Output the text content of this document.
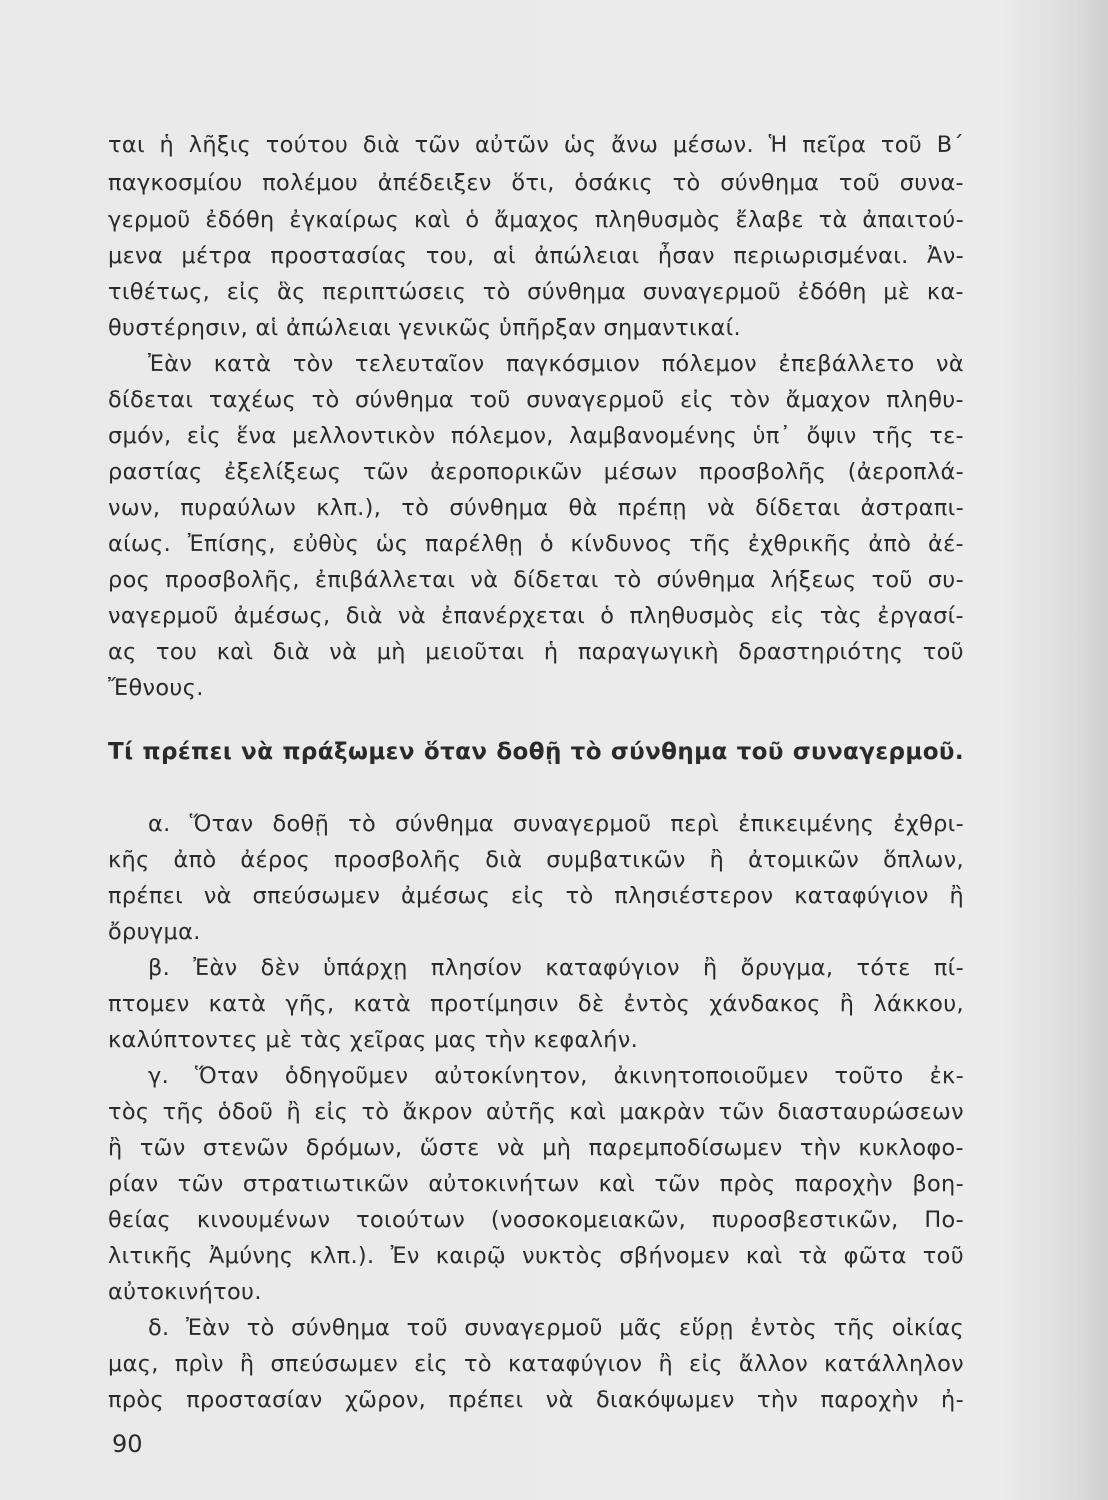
ται ἡ λῆξις τούτου διὰ τῶν αὐτῶν ὡς ἄνω μέσων. Ἡ πεῖρα τοῦ Β΄
παγκοσμίου πολέμου ἀπέδειξεν ὅτι, ὁσάκις τὸ σύνθημα τοῦ συνα-
γερμοῦ ἐδόθη ἐγκαίρως καὶ ὁ ἄμαχος πληθυσμὸς ἔλαβε τὰ ἀπαιτού-
μενα μέτρα προστασίας του, αἱ ἀπώλειαι ἦσαν περιωρισμέναι. Ἀν-
τιθέτως, εἰς ἃς περιπτώσεις τὸ σύνθημα συναγερμοῦ ἐδόθη μὲ κα-
θυστέρησιν, αἱ ἀπώλειαι γενικῶς ὑπῆρξαν σημαντικαί.
Ἐὰν κατὰ τὸν τελευταῖον παγκόσμιον πόλεμον ἐπεβάλλετο νὰ
δίδεται ταχέως τὸ σύνθημα τοῦ συναγερμοῦ εἰς τὸν ἄμαχον πληθυ-
σμόν, εἰς ἕνα μελλοντικὸν πόλεμον, λαμβανομένης ὑπ᾿ ὄψιν τῆς τε-
ραστίας ἐξελίξεως τῶν ἀεροπορικῶν μέσων προσβολῆς (ἀεροπλά-
νων, πυραύλων κλπ.), τὸ σύνθημα θὰ πρέπῃ νὰ δίδεται ἀστραπι-
αίως. Ἐπίσης, εὐθὺς ὡς παρέλθῃ ὁ κίνδυνος τῆς ἐχθρικῆς ἀπὸ ἀέ-
ρος προσβολῆς, ἐπιβάλλεται νὰ δίδεται τὸ σύνθημα λήξεως τοῦ συ-
ναγερμοῦ ἀμέσως, διὰ νὰ ἐπανέρχεται ὁ πληθυσμὸς εἰς τὰς ἐργασί-
ας του καὶ διὰ νὰ μὴ μειοῦται ἡ παραγωγικὴ δραστηριότης τοῦ
Ἔθνους.
Τί πρέπει νὰ πράξωμεν ὅταν δοθῇ τὸ σύνθημα τοῦ συναγερμοῦ.
α. Ὅταν δοθῇ τὸ σύνθημα συναγερμοῦ περὶ ἐπικειμένης ἐχθρι-
κῆς ἀπὸ ἀέρος προσβολῆς διὰ συμβατικῶν ἢ ἀτομικῶν ὅπλων,
πρέπει νὰ σπεύσωμεν ἀμέσως εἰς τὸ πλησιέστερον καταφύγιον ἢ
ὄρυγμα.
β. Ἐὰν δὲν ὑπάρχῃ πλησίον καταφύγιον ἢ ὄρυγμα, τότε πί-
πτομεν κατὰ γῆς, κατὰ προτίμησιν δὲ ἐντὸς χάνδακος ἢ λάκκου,
καλύπτοντες μὲ τὰς χεῖρας μας τὴν κεφαλήν.
γ. Ὅταν ὁδηγοῦμεν αὐτοκίνητον, ἀκινητοποιοῦμεν τοῦτο ἐκ-
τὸς τῆς ὁδοῦ ἢ εἰς τὸ ἄκρον αὐτῆς καὶ μακρὰν τῶν διασταυρώσεων
ἢ τῶν στενῶν δρόμων, ὥστε νὰ μὴ παρεμποδίσωμεν τὴν κυκλοφο-
ρίαν τῶν στρατιωτικῶν αὐτοκινήτων καὶ τῶν πρὸς παροχὴν βοη-
θείας κινουμένων τοιούτων (νοσοκομειακῶν, πυροσβεστικῶν, Πο-
λιτικῆς Ἀμύνης κλπ.). Ἐν καιρῷ νυκτὸς σβήνομεν καὶ τὰ φῶτα τοῦ
αὐτοκινήτου.
δ. Ἐὰν τὸ σύνθημα τοῦ συναγερμοῦ μᾶς εὕρῃ ἐντὸς τῆς οἰκίας
μας, πρὶν ἢ σπεύσωμεν εἰς τὸ καταφύγιον ἢ εἰς ἄλλον κατάλληλον
πρὸς προστασίαν χῶρον, πρέπει νὰ διακόψωμεν τὴν παροχὴν ἠ-
90
